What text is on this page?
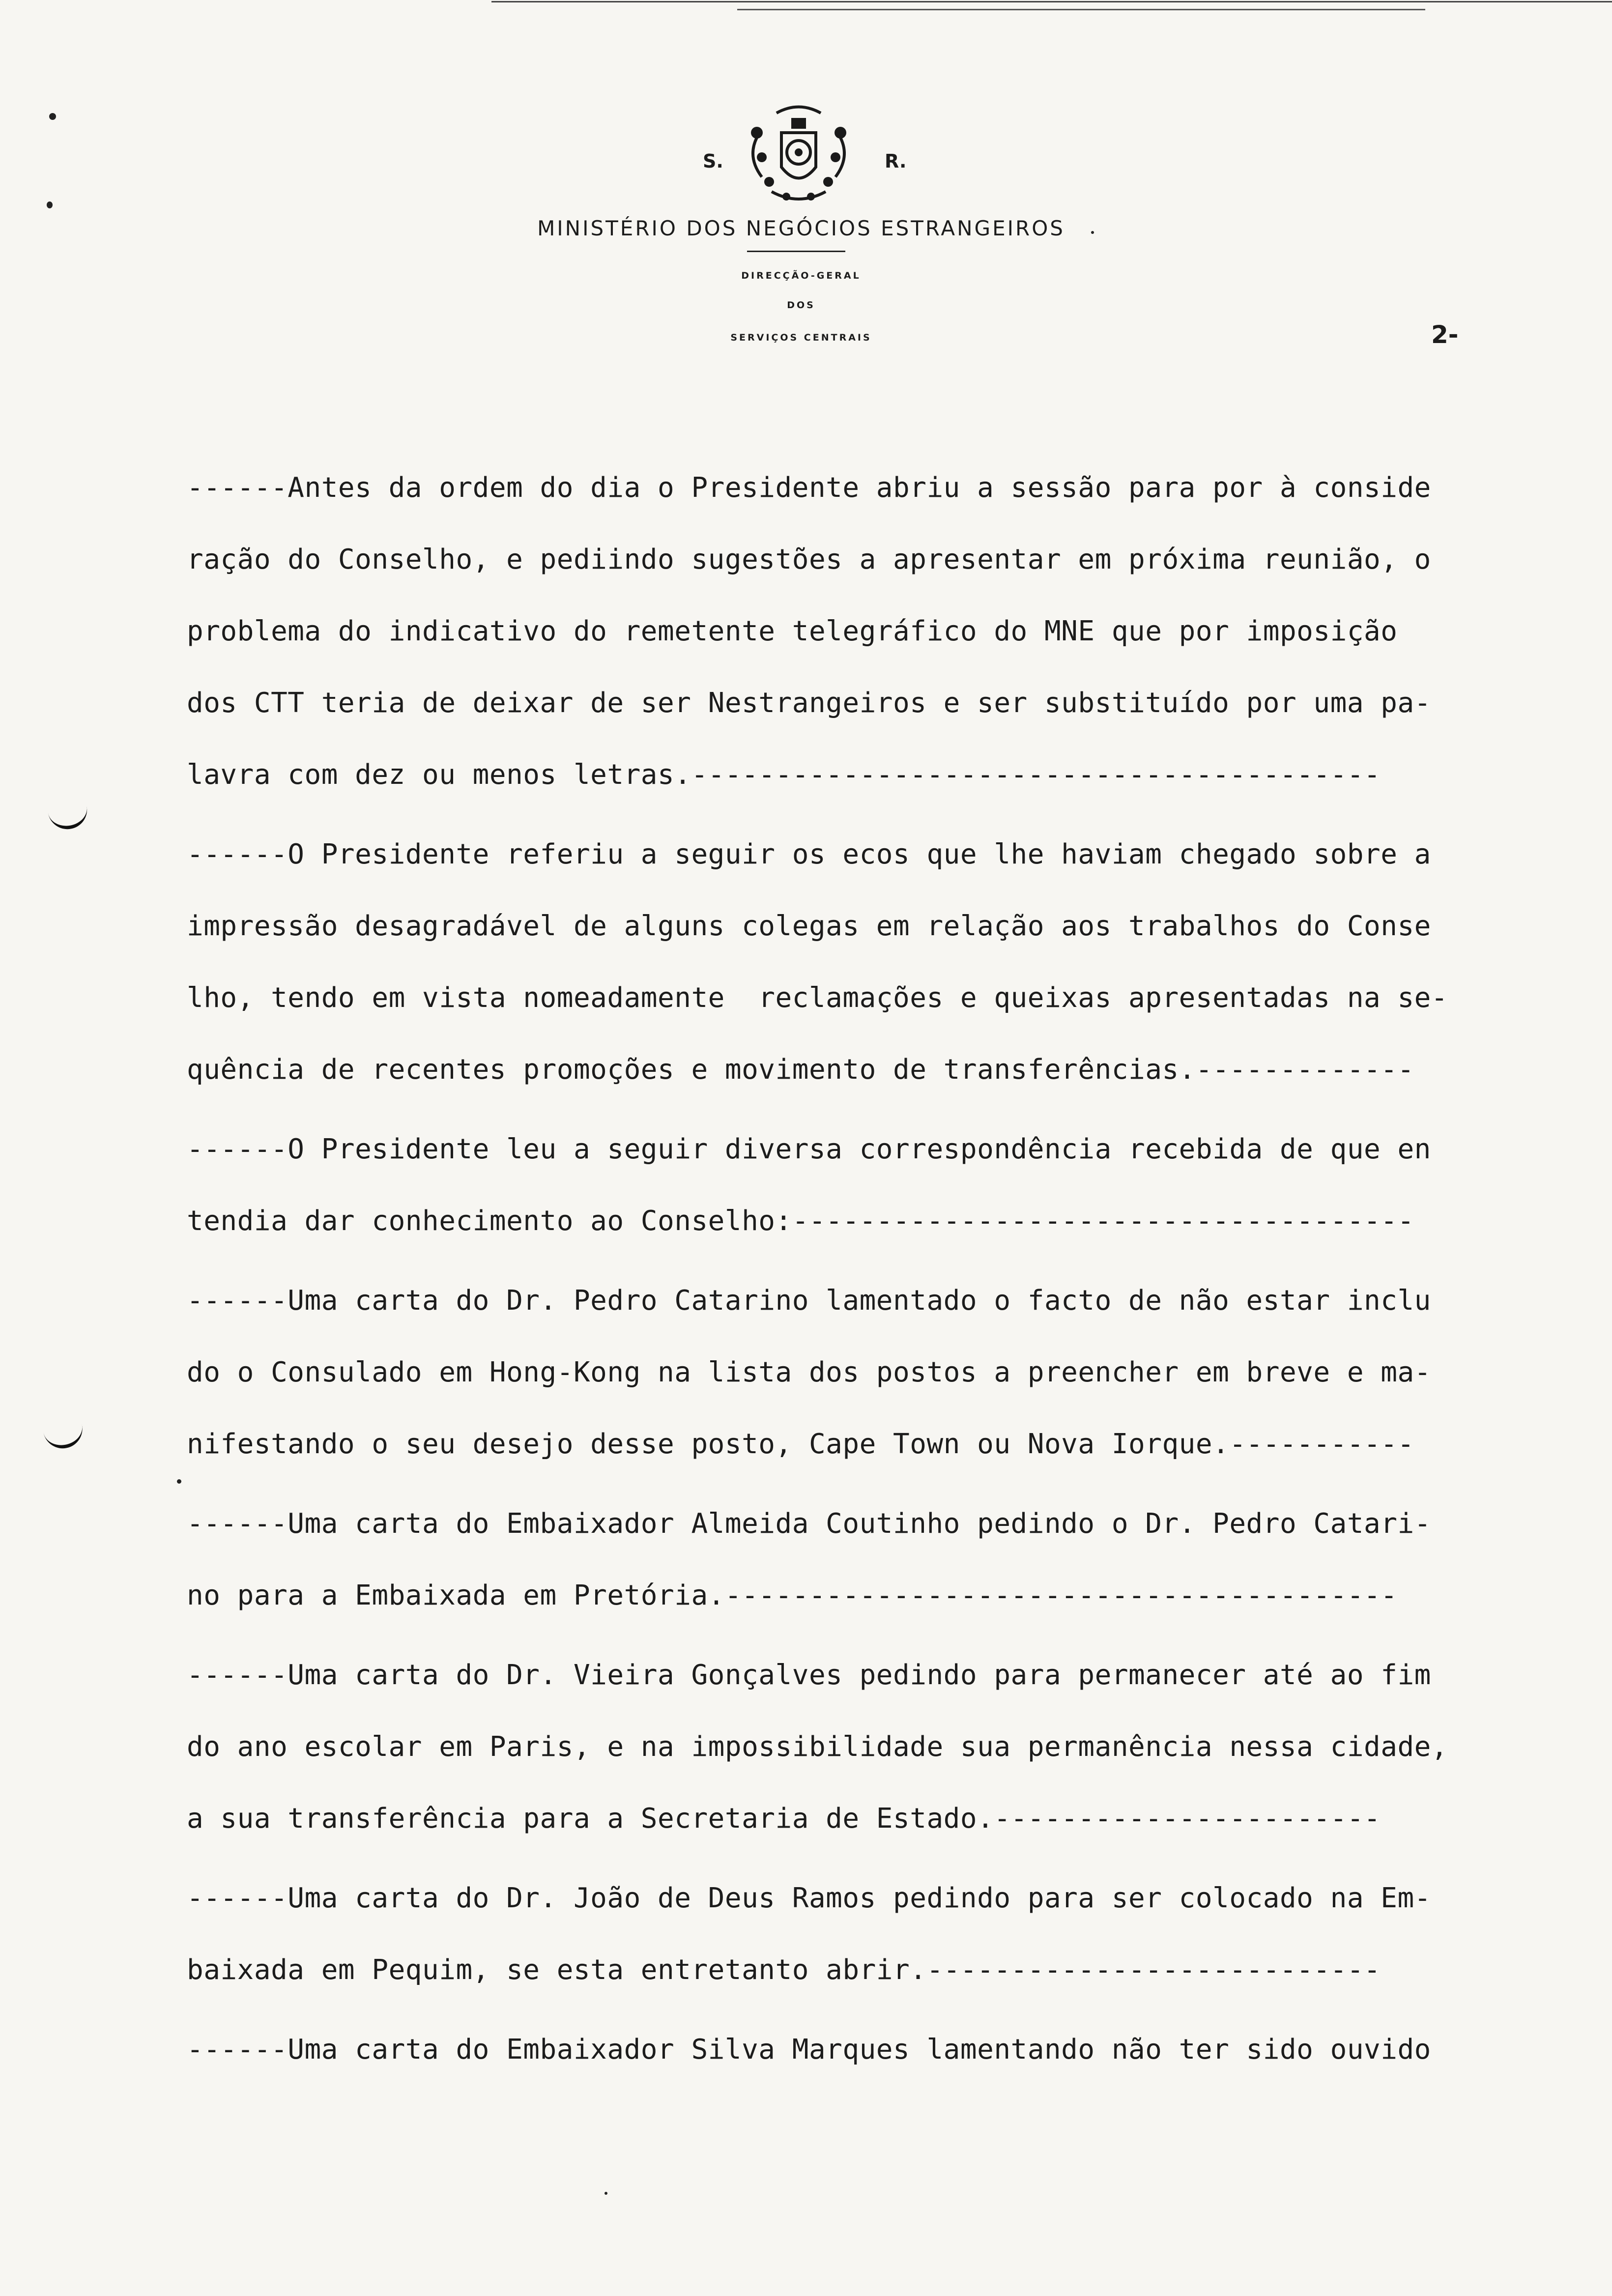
S.	R.
MINISTÉRIO DOS NEGÓCIOS ESTRANGEIROS
DIRECÇÃO-GERAL
DOS
SERVIÇOS CENTRAIS	2-
------Antes da ordem do dia o Presidente abriu a sessão para por à conside
ração do Conselho, e pediindo sugestões a apresentar em próxima reunião, o
problema do indicativo do remetente telegráfico do MNE que por imposição
dos CTT teria de deixar de ser Nestrangeiros e ser substituído por uma pa-
lavra com dez ou menos letras.-----------------------------------------
------O Presidente referiu a seguir os ecos que lhe haviam chegado sobre a
impressão desagradável de alguns colegas em relação aos trabalhos do Conse
lho, tendo em vista nomeadamente  reclamações e queixas apresentadas na se-
quência de recentes promoções e movimento de transferências.-------------
------O Presidente leu a seguir diversa correspondência recebida de que en
tendia dar conhecimento ao Conselho:-------------------------------------
------Uma carta do Dr. Pedro Catarino lamentado o facto de não estar inclu
do o Consulado em Hong-Kong na lista dos postos a preencher em breve e ma-
nifestando o seu desejo desse posto, Cape Town ou Nova Iorque.-----------
------Uma carta do Embaixador Almeida Coutinho pedindo o Dr. Pedro Catari-
no para a Embaixada em Pretória.----------------------------------------
------Uma carta do Dr. Vieira Gonçalves pedindo para permanecer até ao fim
do ano escolar em Paris, e na impossibilidade sua permanência nessa cidade,
a sua transferência para a Secretaria de Estado.-----------------------
------Uma carta do Dr. João de Deus Ramos pedindo para ser colocado na Em-
baixada em Pequim, se esta entretanto abrir.---------------------------
------Uma carta do Embaixador Silva Marques lamentando não ter sido ouvido
